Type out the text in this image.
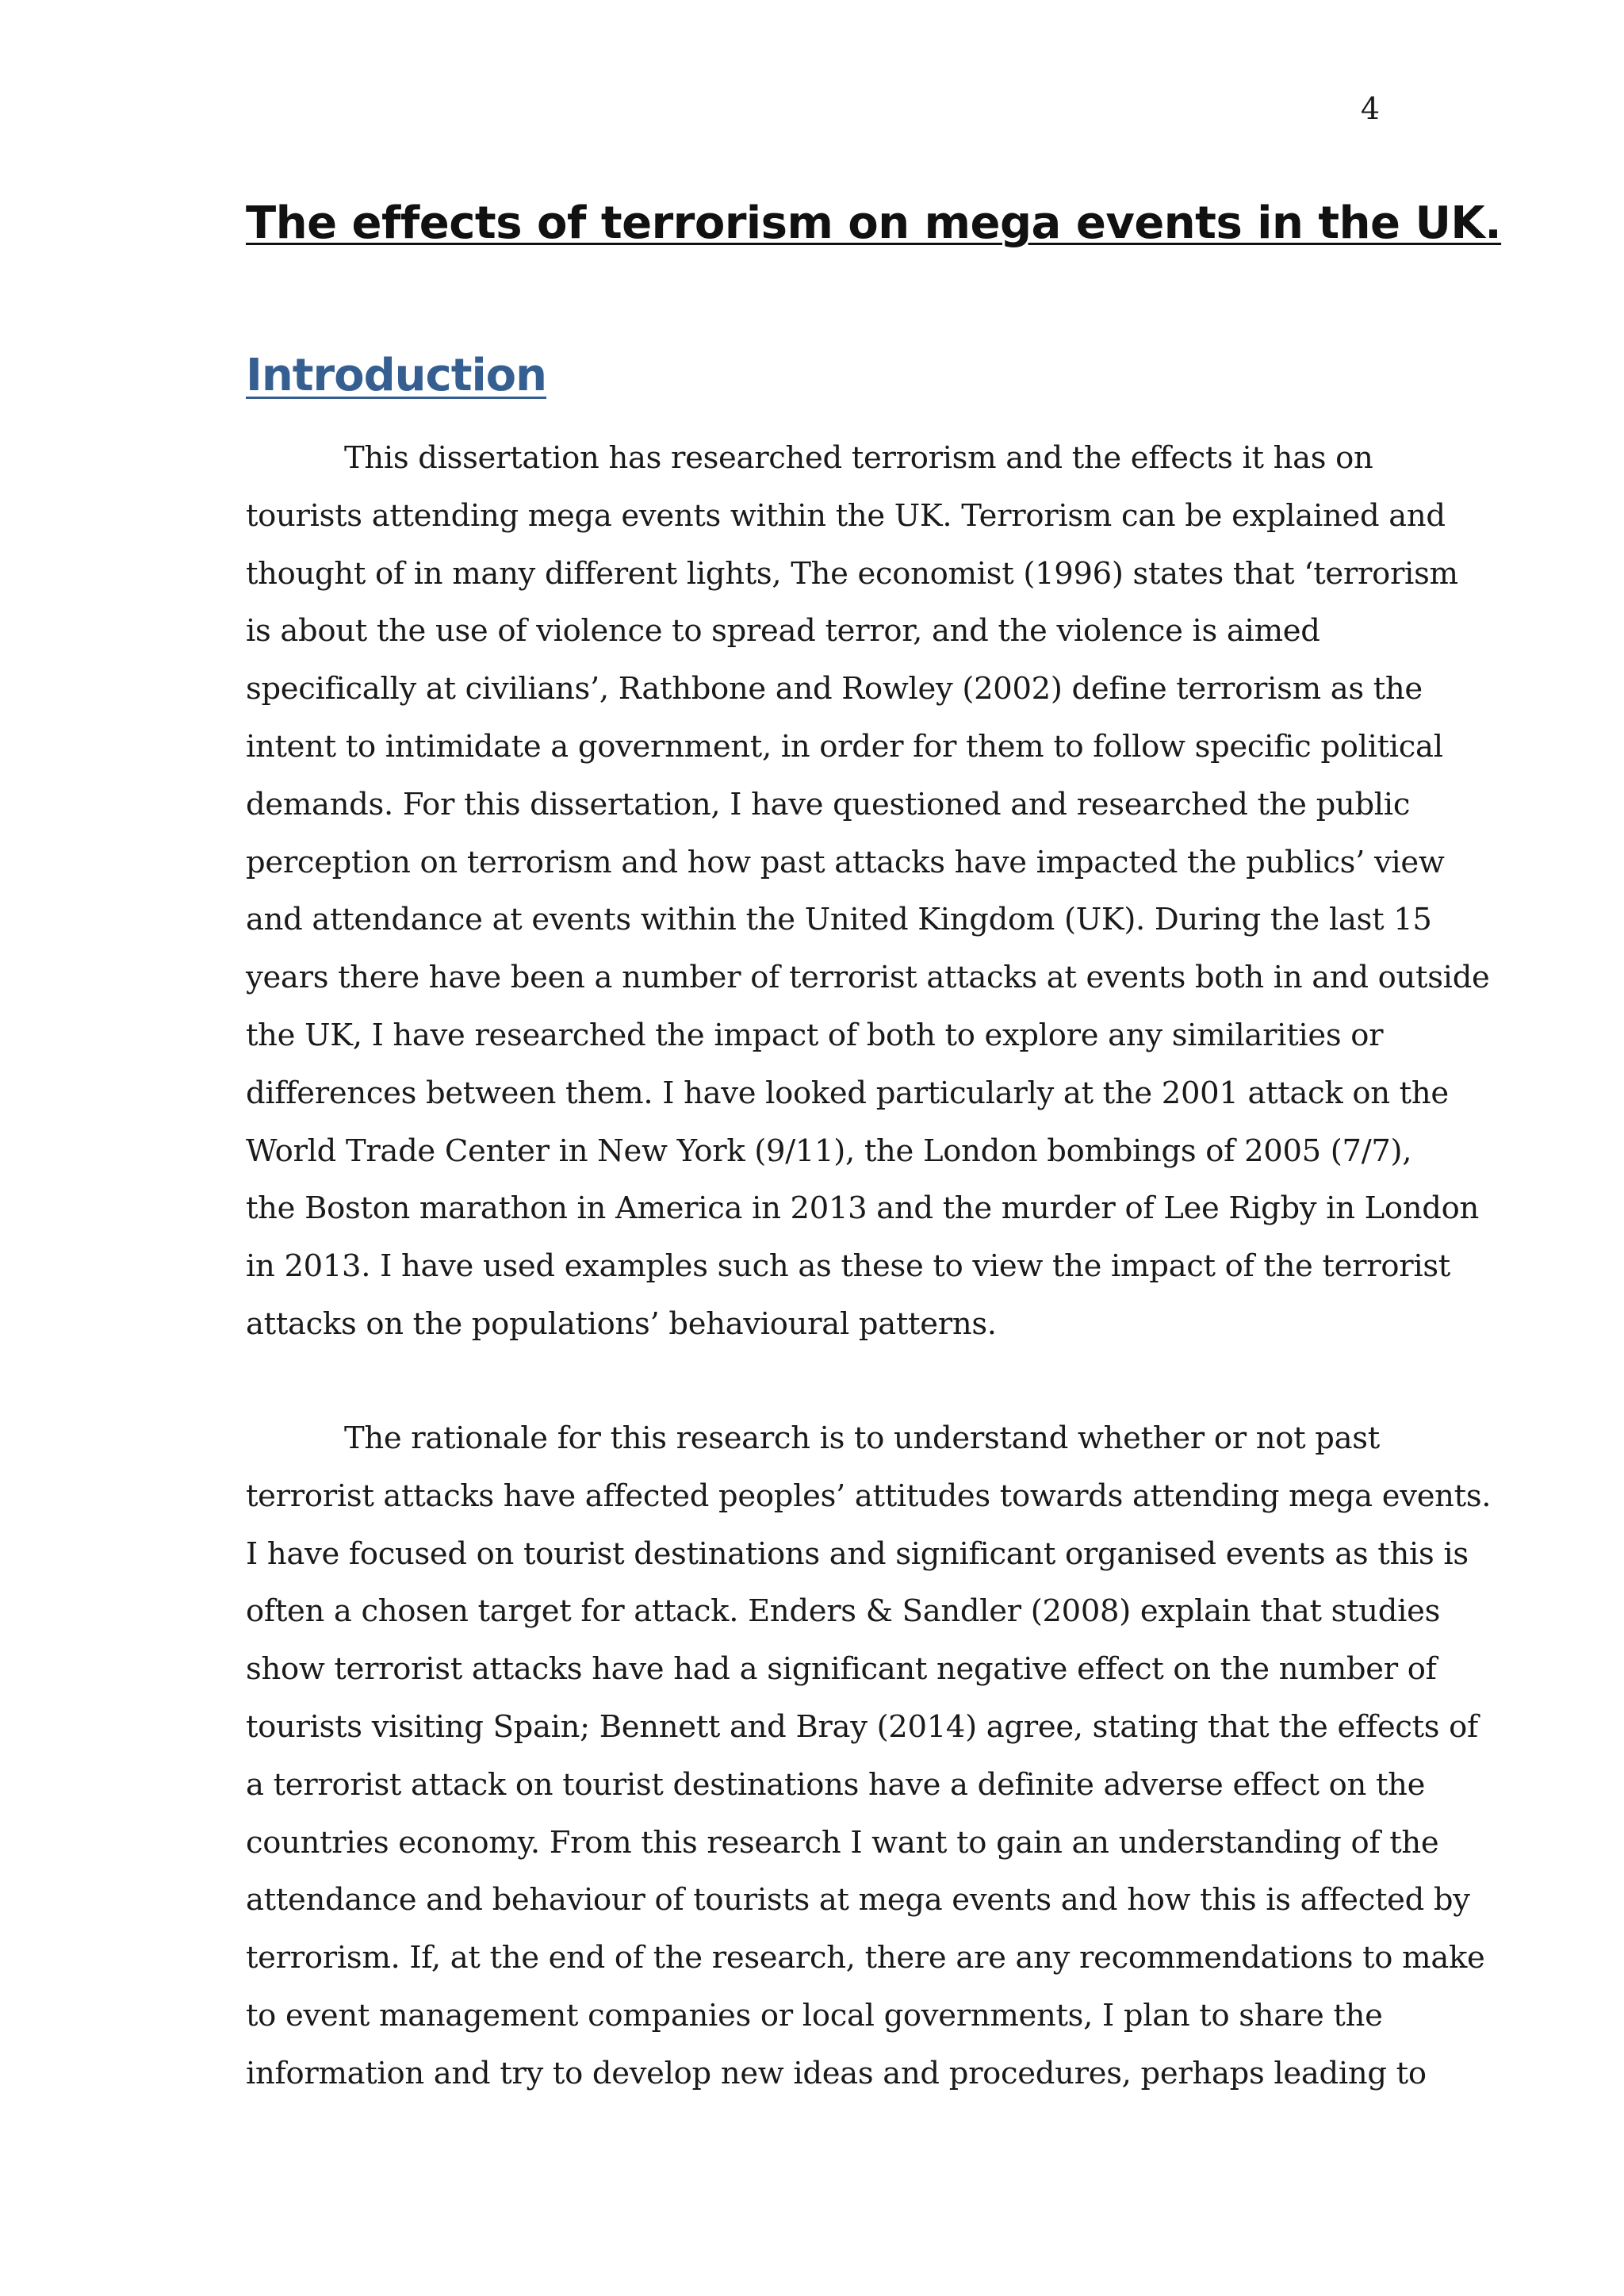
4
The effects of terrorism on mega events in the UK.
Introduction
This dissertation has researched terrorism and the effects it has on
tourists attending mega events within the UK. Terrorism can be explained and
thought of in many different lights, The economist (1996) states that ‘terrorism
is about the use of violence to spread terror, and the violence is aimed
specifically at civilians’, Rathbone and Rowley (2002) define terrorism as the
intent to intimidate a government, in order for them to follow specific political
demands. For this dissertation, I have questioned and researched the public
perception on terrorism and how past attacks have impacted the publics’ view
and attendance at events within the United Kingdom (UK). During the last 15
years there have been a number of terrorist attacks at events both in and outside
the UK, I have researched the impact of both to explore any similarities or
differences between them. I have looked particularly at the 2001 attack on the
World Trade Center in New York (9/11), the London bombings of 2005 (7/7),
the Boston marathon in America in 2013 and the murder of Lee Rigby in London
in 2013. I have used examples such as these to view the impact of the terrorist
attacks on the populations’ behavioural patterns.
The rationale for this research is to understand whether or not past
terrorist attacks have affected peoples’ attitudes towards attending mega events.
I have focused on tourist destinations and significant organised events as this is
often a chosen target for attack. Enders & Sandler (2008) explain that studies
show terrorist attacks have had a significant negative effect on the number of
tourists visiting Spain; Bennett and Bray (2014) agree, stating that the effects of
a terrorist attack on tourist destinations have a definite adverse effect on the
countries economy. From this research I want to gain an understanding of the
attendance and behaviour of tourists at mega events and how this is affected by
terrorism. If, at the end of the research, there are any recommendations to make
to event management companies or local governments, I plan to share the
information and try to develop new ideas and procedures, perhaps leading to
